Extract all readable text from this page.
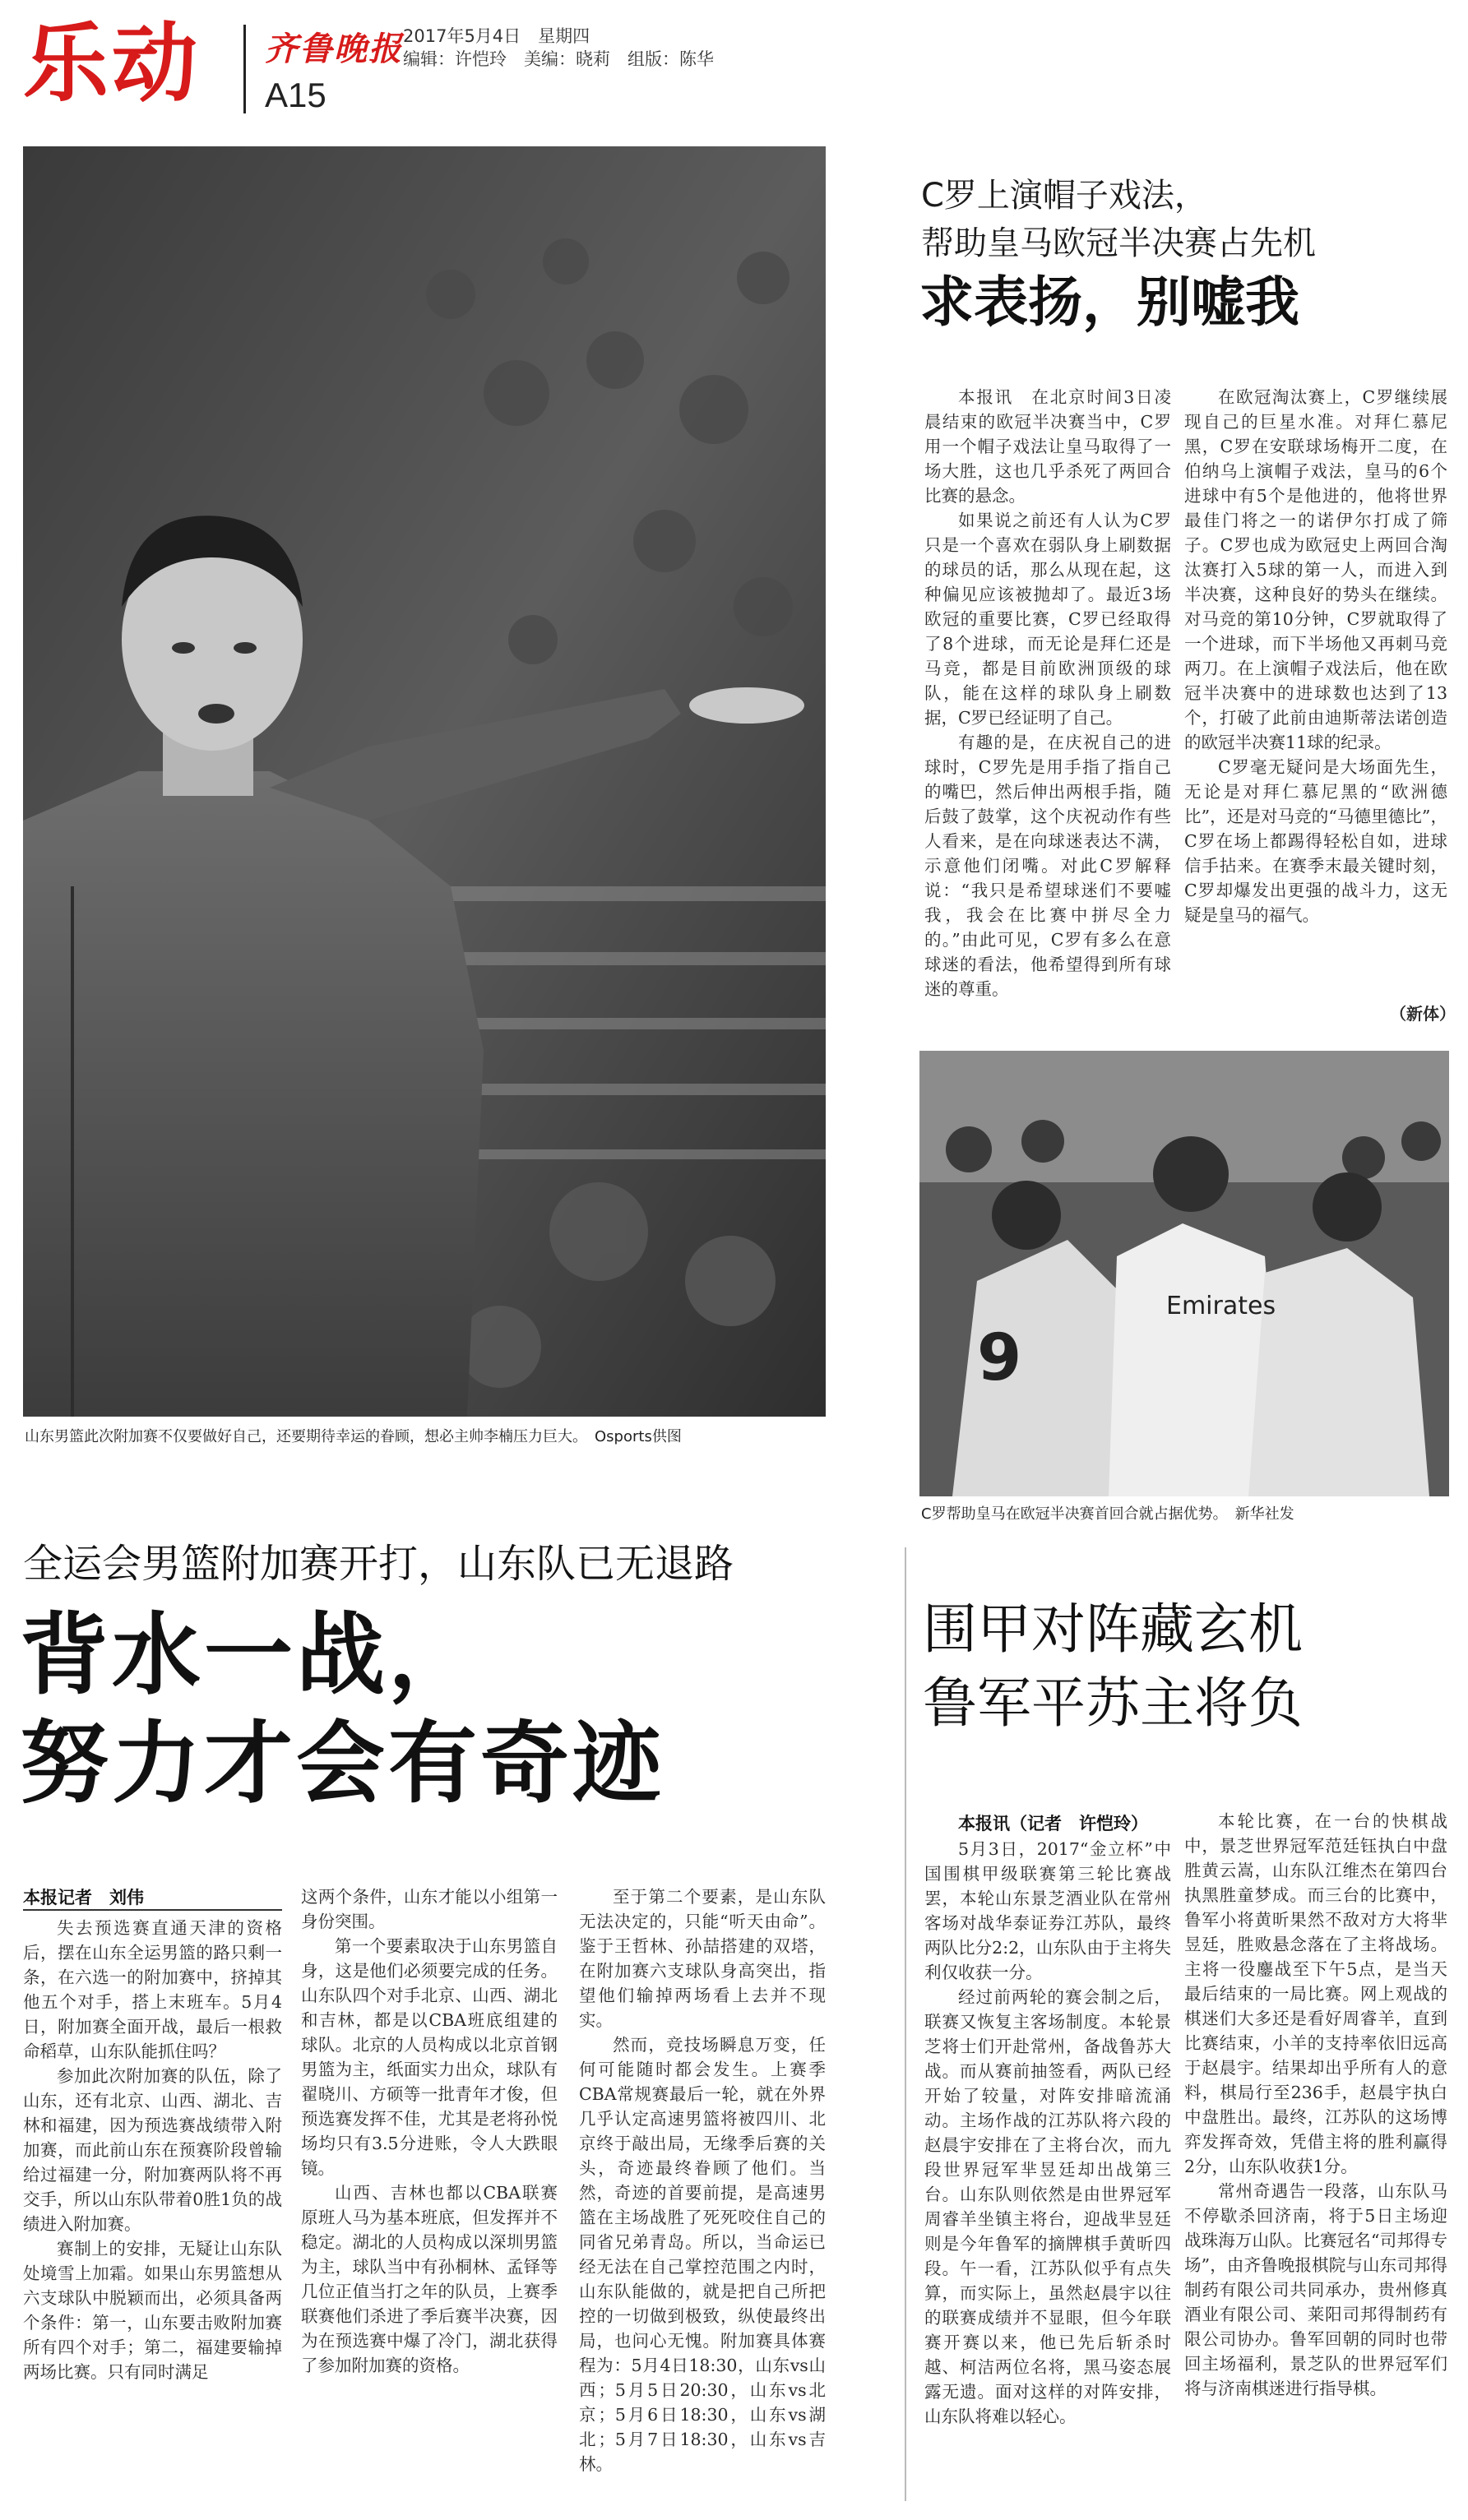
乐动 齐鲁晚报
A15
2017年5月4日　星期四
编辑：许恺玲　美编：晓莉　组版：陈华
山东男篮此次附加赛不仅要做好自己，还要期待幸运的眷顾，想必主帅李楠压力巨大。　Osports供图
C罗上演帽子戏法，
帮助皇马欧冠半决赛占先机
求表扬，别嘘我

本报讯　在北京时间3日凌晨结束的欧冠半决赛当中，C罗用一个帽子戏法让皇马取得了一场大胜，这也几乎杀死了两回合比赛的悬念。

如果说之前还有人认为C罗只是一个喜欢在弱队身上刷数据的球员的话，那么从现在起，这种偏见应该被抛却了。最近3场欧冠的重要比赛，C罗已经取得了8个进球，而无论是拜仁还是马竞，都是目前欧洲顶级的球队，能在这样的球队身上刷数据，C罗已经证明了自己。

有趣的是，在庆祝自己的进球时，C罗先是用手指了指自己的嘴巴，然后伸出两根手指，随后鼓了鼓掌，这个庆祝动作有些人看来，是在向球迷表达不满，示意他们闭嘴。对此C罗解释说：“我只是希望球迷们不要嘘我，我会在比赛中拼尽全力的。”由此可见，C罗有多么在意球迷的看法，他希望得到所有球迷的尊重。

在欧冠淘汰赛上，C罗继续展现自己的巨星水准。对拜仁慕尼黑，C罗在安联球场梅开二度，在伯纳乌上演帽子戏法，皇马的6个进球中有5个是他进的，他将世界最佳门将之一的诺伊尔打成了筛子。C罗也成为欧冠史上两回合淘汰赛打入5球的第一人，而进入到半决赛，这种良好的势头在继续。对马竞的第10分钟，C罗就取得了一个进球，而下半场他又再刺马竞两刀。在上演帽子戏法后，他在欧冠半决赛中的进球数也达到了13个，打破了此前由迪斯蒂法诺创造的欧冠半决赛11球的纪录。

C罗毫无疑问是大场面先生，无论是对拜仁慕尼黑的“欧洲德比”，还是对马竞的“马德里德比”，C罗在场上都踢得轻松自如，进球信手拈来。在赛季末最关键时刻，C罗却爆发出更强的战斗力，这无疑是皇马的福气。

（新体）
Emirates
9
C罗帮助皇马在欧冠半决赛首回合就占据优势。　新华社发
全运会男篮附加赛开打，山东队已无退路
背水一战，
努力才会有奇迹
本报记者　刘伟

失去预选赛直通天津的资格后，摆在山东全运男篮的路只剩一条，在六选一的附加赛中，挤掉其他五个对手，搭上末班车。5月4日，附加赛全面开战，最后一根救命稻草，山东队能抓住吗？

参加此次附加赛的队伍，除了山东，还有北京、山西、湖北、吉林和福建，因为预选赛战绩带入附加赛，而此前山东在预赛阶段曾输给过福建一分，附加赛两队将不再交手，所以山东队带着0胜1负的战绩进入附加赛。

赛制上的安排，无疑让山东队处境雪上加霜。如果山东男篮想从六支球队中脱颖而出，必须具备两个条件：第一，山东要击败附加赛所有四个对手；第二，福建要输掉两场比赛。只有同时满足

这两个条件，山东才能以小组第一身份突围。

第一个要素取决于山东男篮自身，这是他们必须要完成的任务。山东队四个对手北京、山西、湖北和吉林，都是以CBA班底组建的球队。北京的人员构成以北京首钢男篮为主，纸面实力出众，球队有翟晓川、方硕等一批青年才俊，但预选赛发挥不佳，尤其是老将孙悦场均只有3.5分进账，令人大跌眼镜。

山西、吉林也都以CBA联赛原班人马为基本班底，但发挥并不稳定。湖北的人员构成以深圳男篮为主，球队当中有孙桐林、孟铎等几位正值当打之年的队员，上赛季联赛他们杀进了季后赛半决赛，因为在预选赛中爆了冷门，湖北获得了参加附加赛的资格。

至于第二个要素，是山东队无法决定的，只能“听天由命”。鉴于王哲林、孙喆搭建的双塔，在附加赛六支球队身高突出，指望他们输掉两场看上去并不现实。

然而，竞技场瞬息万变，任何可能随时都会发生。上赛季CBA常规赛最后一轮，就在外界几乎认定高速男篮将被四川、北京终于敲出局，无缘季后赛的关头，奇迹最终眷顾了他们。当然，奇迹的首要前提，是高速男篮在主场战胜了死死咬住自己的同省兄弟青岛。所以，当命运已经无法在自己掌控范围之内时，山东队能做的，就是把自己所把控的一切做到极致，纵使最终出局，也问心无愧。附加赛具体赛程为：5月4日18:30，山东vs山西；5月5日20:30，山东vs北京；5月6日18:30，山东vs湖北；5月7日18:30，山东vs吉林。

围甲对阵藏玄机
鲁军平苏主将负
本报讯（记者　许恺玲）

5月3日，2017“金立杯”中国围棋甲级联赛第三轮比赛战罢，本轮山东景芝酒业队在常州客场对战华泰证券江苏队，最终两队比分2:2，山东队由于主将失利仅收获一分。

经过前两轮的赛会制之后，联赛又恢复主客场制度。本轮景芝将士们开赴常州，备战鲁苏大战。而从赛前抽签看，两队已经开始了较量，对阵安排暗流涌动。主场作战的江苏队将六段的赵晨宇安排在了主将台次，而九段世界冠军芈昱廷却出战第三台。山东队则依然是由世界冠军周睿羊坐镇主将台，迎战芈昱廷则是今年鲁军的摘牌棋手黄昕四段。午一看，江苏队似乎有点失算，而实际上，虽然赵晨宇以往的联赛成绩并不显眼，但今年联赛开赛以来，他已先后斩杀时越、柯洁两位名将，黑马姿态展露无遗。面对这样的对阵安排，山东队将难以轻心。

本轮比赛，在一台的快棋战中，景芝世界冠军范廷钰执白中盘胜黄云嵩，山东队江维杰在第四台执黑胜童梦成。而三台的比赛中，鲁军小将黄昕果然不敌对方大将芈昱廷，胜败悬念落在了主将战场。主将一役鏖战至下午5点，是当天最后结束的一局比赛。网上观战的棋迷们大多还是看好周睿羊，直到比赛结束，小羊的支持率依旧远高于赵晨宇。结果却出乎所有人的意料，棋局行至236手，赵晨宇执白中盘胜出。最终，江苏队的这场博弈发挥奇效，凭借主将的胜利赢得2分，山东队收获1分。

常州奇遇告一段落，山东队马不停歇杀回济南，将于5日主场迎战珠海万山队。比赛冠名“司邦得专场”，由齐鲁晚报棋院与山东司邦得制药有限公司共同承办，贵州修真酒业有限公司、莱阳司邦得制药有限公司协办。鲁军回朝的同时也带回主场福利，景芝队的世界冠军们将与济南棋迷进行指导棋。
